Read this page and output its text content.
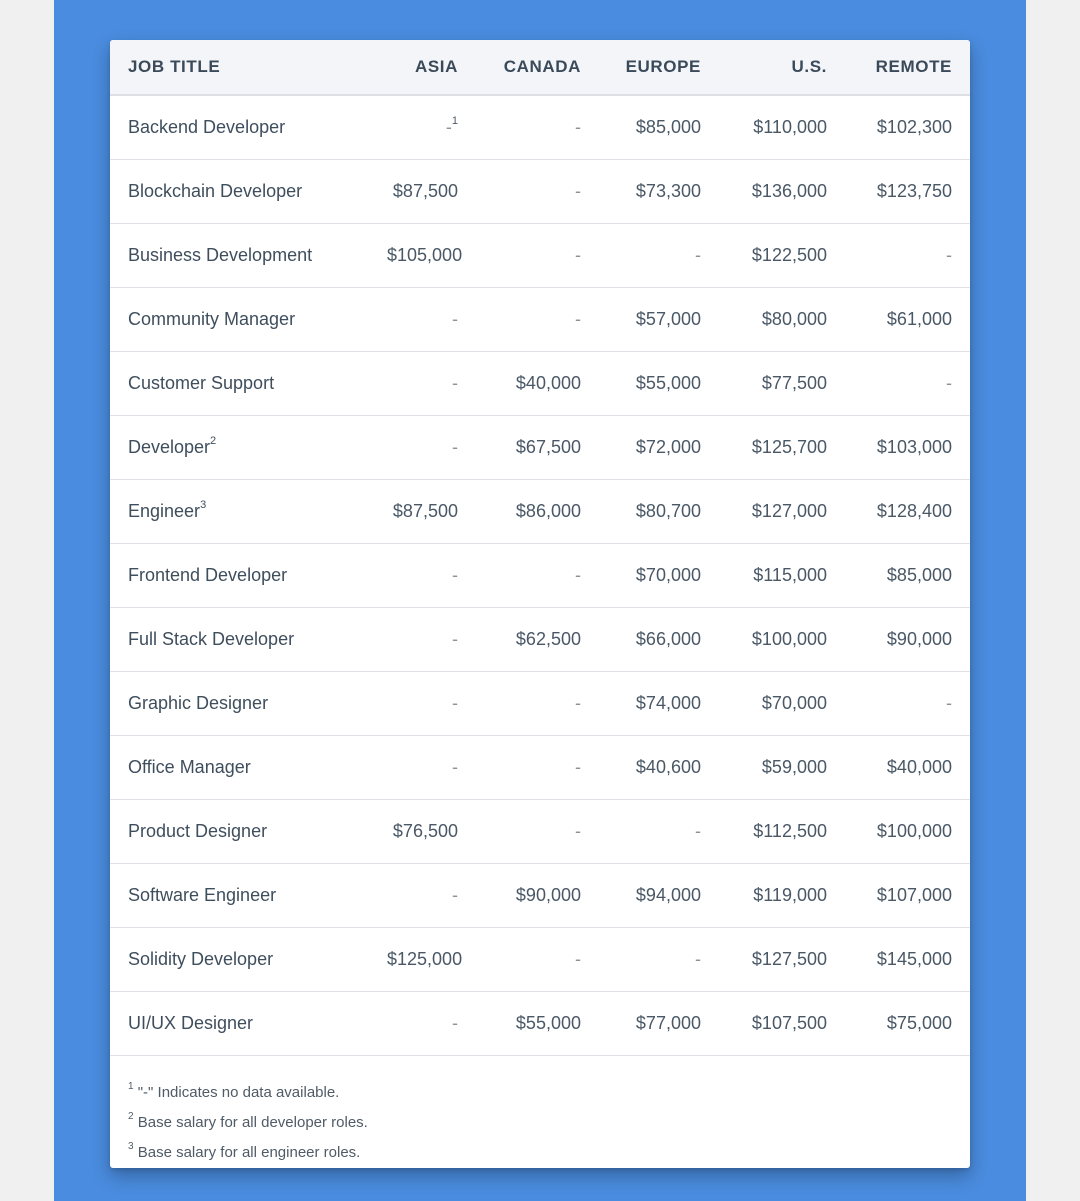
JOB TITLE	ASIA	CANADA	EUROPE	U.S.	REMOTE
Backend Developer	-$^1$	-	$85,000	$110,000	$102,300
Blockchain Developer	$87,500	-	$73,300	$136,000	$123,750
Business Development	$105,000	-	-	$122,500	-
Community Manager	-	-	$57,000	$80,000	$61,000
Customer Support	-	$40,000	$55,000	$77,500	-
Developer$^2$	-	$67,500	$72,000	$125,700	$103,000
Engineer$^3$	$87,500	$86,000	$80,700	$127,000	$128,400
Frontend Developer	-	-	$70,000	$115,000	$85,000
Full Stack Developer	-	$62,500	$66,000	$100,000	$90,000
Graphic Designer	-	-	$74,000	$70,000	-
Office Manager	-	-	$40,600	$59,000	$40,000
Product Designer	$76,500	-	-	$112,500	$100,000
Software Engineer	-	$90,000	$94,000	$119,000	$107,000
Solidity Developer	$125,000	-	-	$127,500	$145,000
UI/UX Designer	-	$55,000	$77,000	$107,500	$75,000
$^1$ "-" Indicates no data available.
$^2$ Base salary for all developer roles.
$^3$ Base salary for all engineer roles.
